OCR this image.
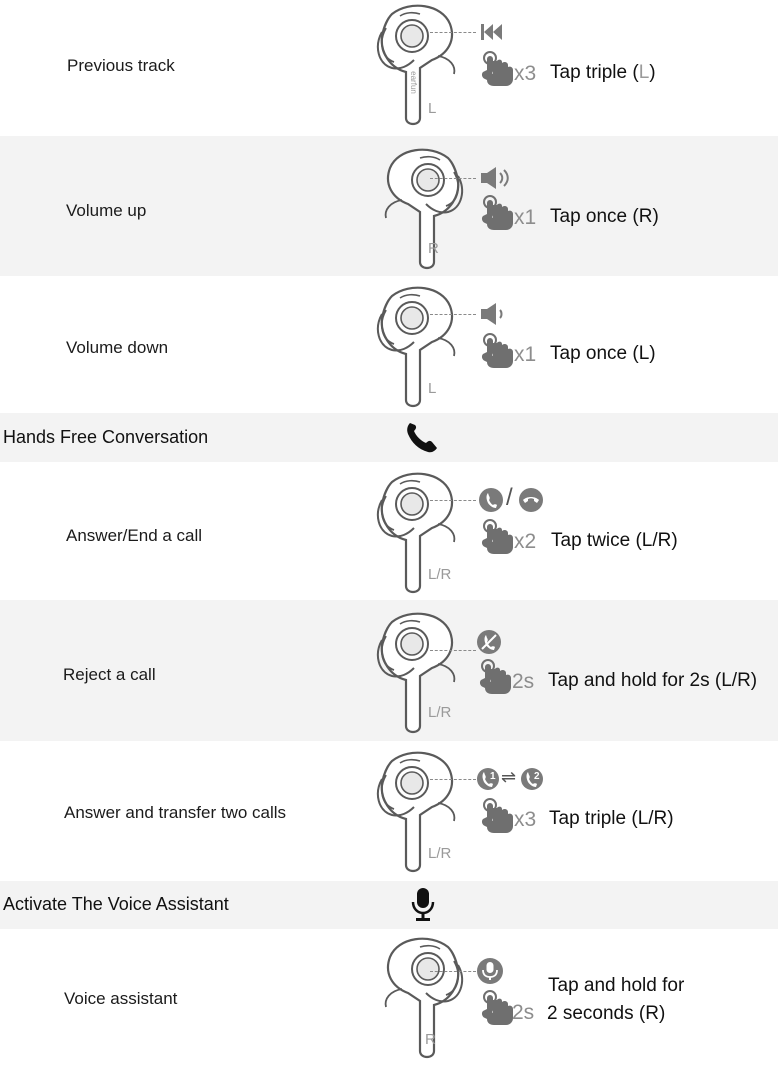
Previous track
L
earfun	x3 Tap triple (L)
Volume up
R
x1 Tap once (R)
Volume down
L
x1 Tap once (L)
Hands Free Conversation
Answer/End a call
L/R
/
x2 Tap twice (L/R)
Reject a call
L/R
2s Tap and hold for 2s (L/R)
Answer and transfer two calls
L/R
1 ⇌ 2
x3 Tap triple (L/R)
Activate The Voice Assistant
Voice assistant
R
2s
Tap and hold for
2 seconds (R)
